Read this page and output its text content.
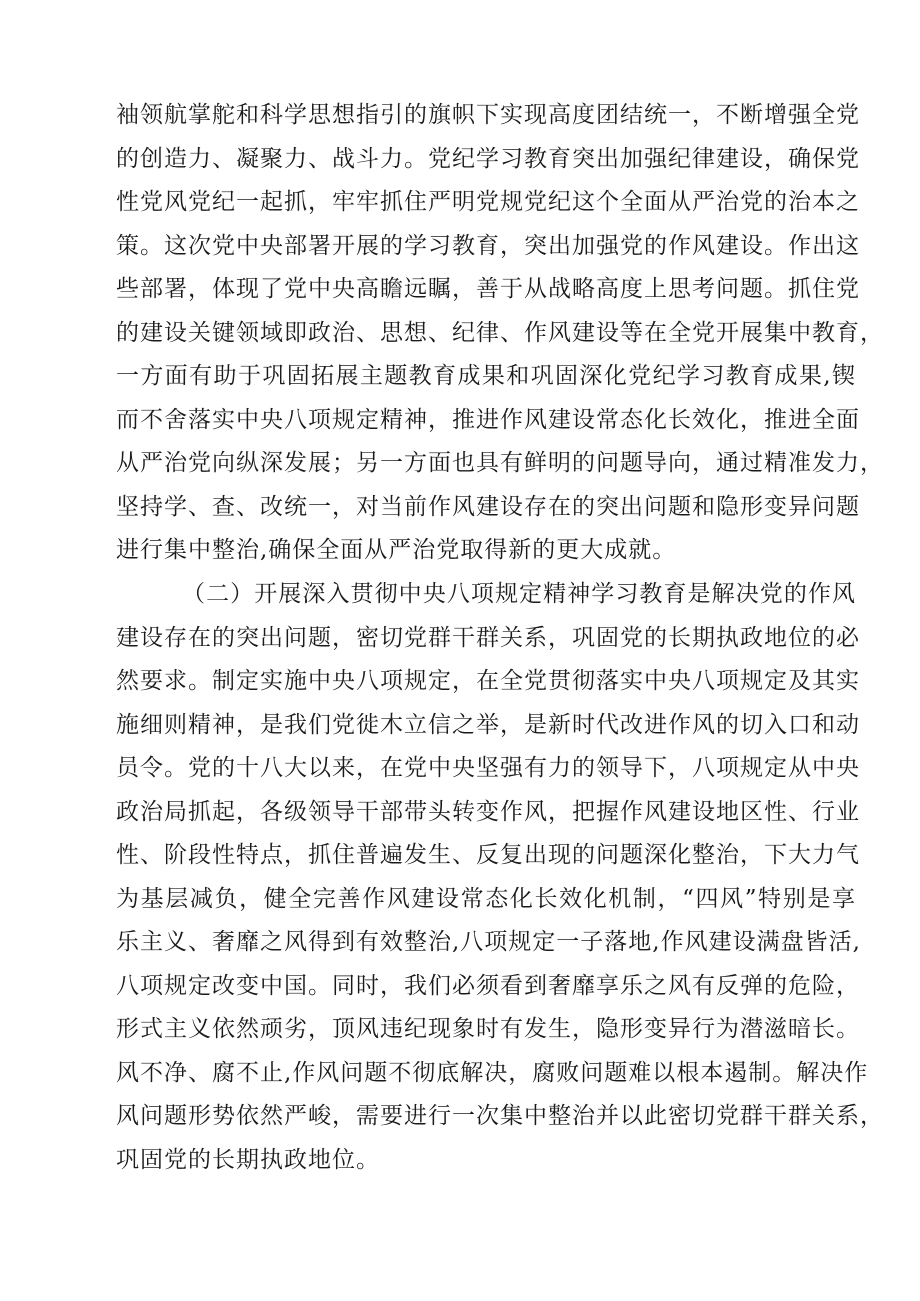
袖领航掌舵和科学思想指引的旗帜下实现高度团结统一，不断增强全党
的创造力、凝聚力、战斗力。党纪学习教育突出加强纪律建设，确保党
性党风党纪一起抓，牢牢抓住严明党规党纪这个全面从严治党的治本之
策。这次党中央部署开展的学习教育，突出加强党的作风建设。作出这
些部署，体现了党中央高瞻远瞩，善于从战略高度上思考问题。抓住党
的建设关键领域即政治、思想、纪律、作风建设等在全党开展集中教育，
一方面有助于巩固拓展主题教育成果和巩固深化党纪学习教育成果,锲
而不舍落实中央八项规定精神，推进作风建设常态化长效化，推进全面
从严治党向纵深发展；另一方面也具有鲜明的问题导向，通过精准发力，
坚持学、查、改统一，对当前作风建设存在的突出问题和隐形变异问题
进行集中整治,确保全面从严治党取得新的更大成就。
（二）开展深入贯彻中央八项规定精神学习教育是解决党的作风
建设存在的突出问题，密切党群干群关系，巩固党的长期执政地位的必
然要求。制定实施中央八项规定，在全党贯彻落实中央八项规定及其实
施细则精神，是我们党徙木立信之举，是新时代改进作风的切入口和动
员令。党的十八大以来，在党中央坚强有力的领导下，八项规定从中央
政治局抓起，各级领导干部带头转变作风，把握作风建设地区性、行业
性、阶段性特点，抓住普遍发生、反复出现的问题深化整治，下大力气
为基层减负，健全完善作风建设常态化长效化机制，“四风”特别是享
乐主义、奢靡之风得到有效整治,八项规定一子落地,作风建设满盘皆活,
八项规定改变中国。同时，我们必须看到奢靡享乐之风有反弹的危险，
形式主义依然顽劣，顶风违纪现象时有发生，隐形变异行为潜滋暗长。
风不净、腐不止,作风问题不彻底解决，腐败问题难以根本遏制。解决作
风问题形势依然严峻，需要进行一次集中整治并以此密切党群干群关系，
巩固党的长期执政地位。
